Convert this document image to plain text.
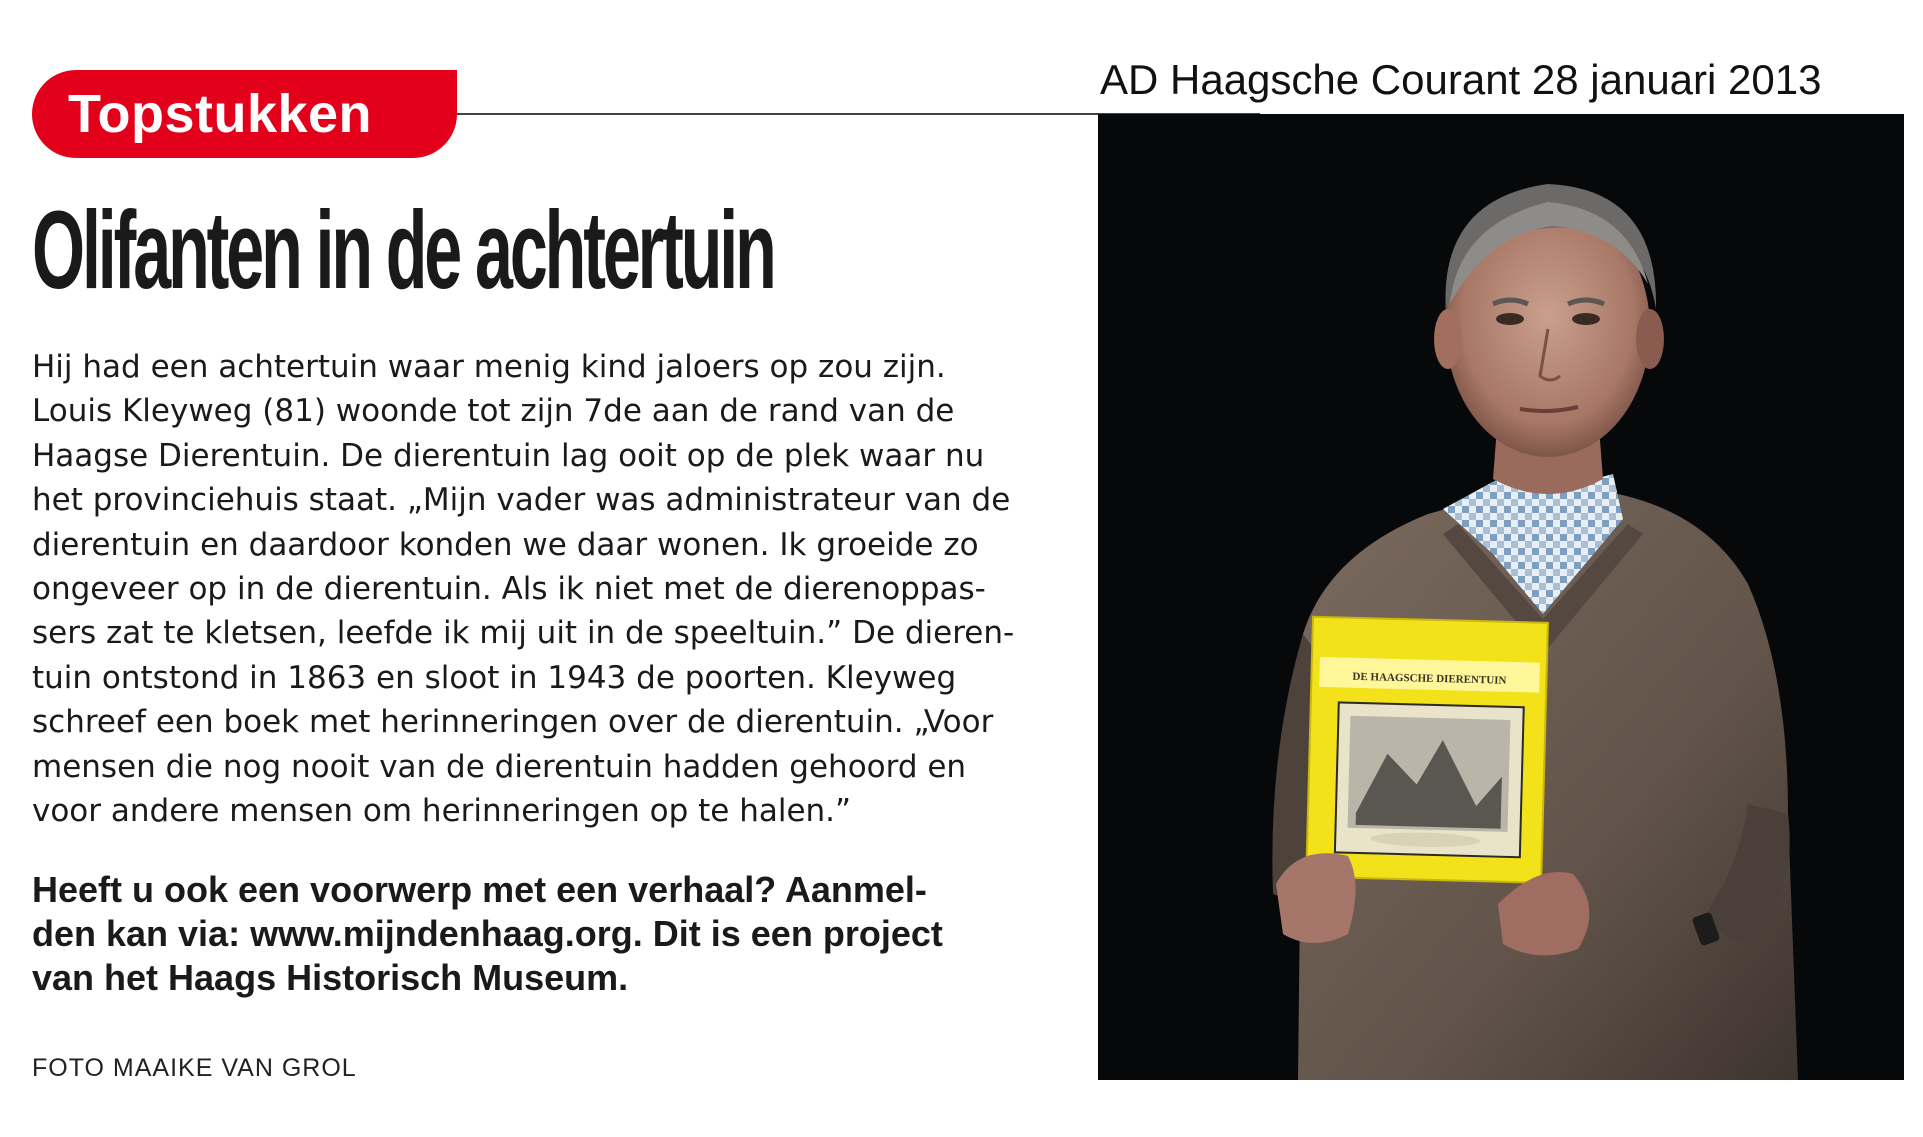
AD Haagsche Courant 28 januari 2013
Topstukken
Olifanten in de achtertuin
Hij had een achtertuin waar menig kind jaloers op zou zijn.
Louis Kleyweg (81) woonde tot zijn 7de aan de rand van de
Haagse Dierentuin. De dierentuin lag ooit op de plek waar nu
het provinciehuis staat. „Mijn vader was administrateur van de
dierentuin en daardoor konden we daar wonen. Ik groeide zo
ongeveer op in de dierentuin. Als ik niet met de dierenoppas-
sers zat te kletsen, leefde ik mij uit in de speeltuin.” De dieren-
tuin ontstond in 1863 en sloot in 1943 de poorten. Kleyweg
schreef een boek met herinneringen over de dierentuin. „Voor
mensen die nog nooit van de dierentuin hadden gehoord en
voor andere mensen om herinneringen op te halen.”
Heeft u ook een voorwerp met een verhaal? Aanmel-
den kan via: www.mijndenhaag.org. Dit is een project
van het Haags Historisch Museum.
FOTO MAAIKE VAN GROL
DE HAAGSCHE DIERENTUIN
